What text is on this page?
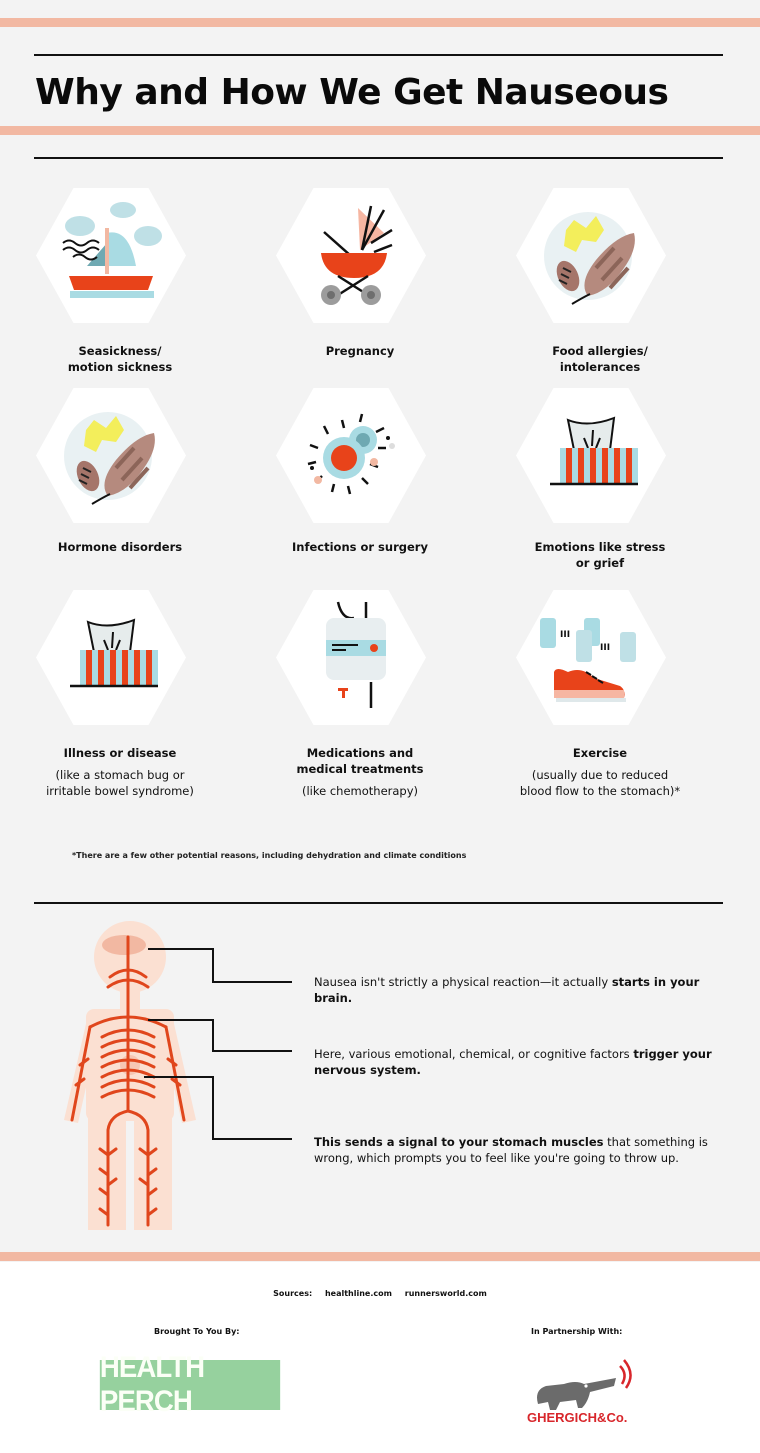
Why and How We Get Nauseous
Seasickness/
motion sickness
Pregnancy	Food allergies/
intolerances
Hormone disorders	Infections or surgery	Emotions like stress
or grief
Illness or disease
(like a stomach bug or
irritable bowel syndrome)
Medications and
medical treatments
(like chemotherapy)
III
III
Exercise
(usually due to reduced
blood flow to the stomach)*
*There are a few other potential reasons, including dehydration and climate conditions
Nausea isn't strictly a physical reaction—it actually starts in your brain.
Here, various emotional, chemical, or cognitive factors trigger your nervous system.
This sends a signal to your stomach muscles that something is wrong, which prompts you to feel like you're going to throw up.
Sources: healthline.com runnersworld.com
Brought To You By:	In Partnership With:
HEALTH PERCH	GHERGICH&Co.
